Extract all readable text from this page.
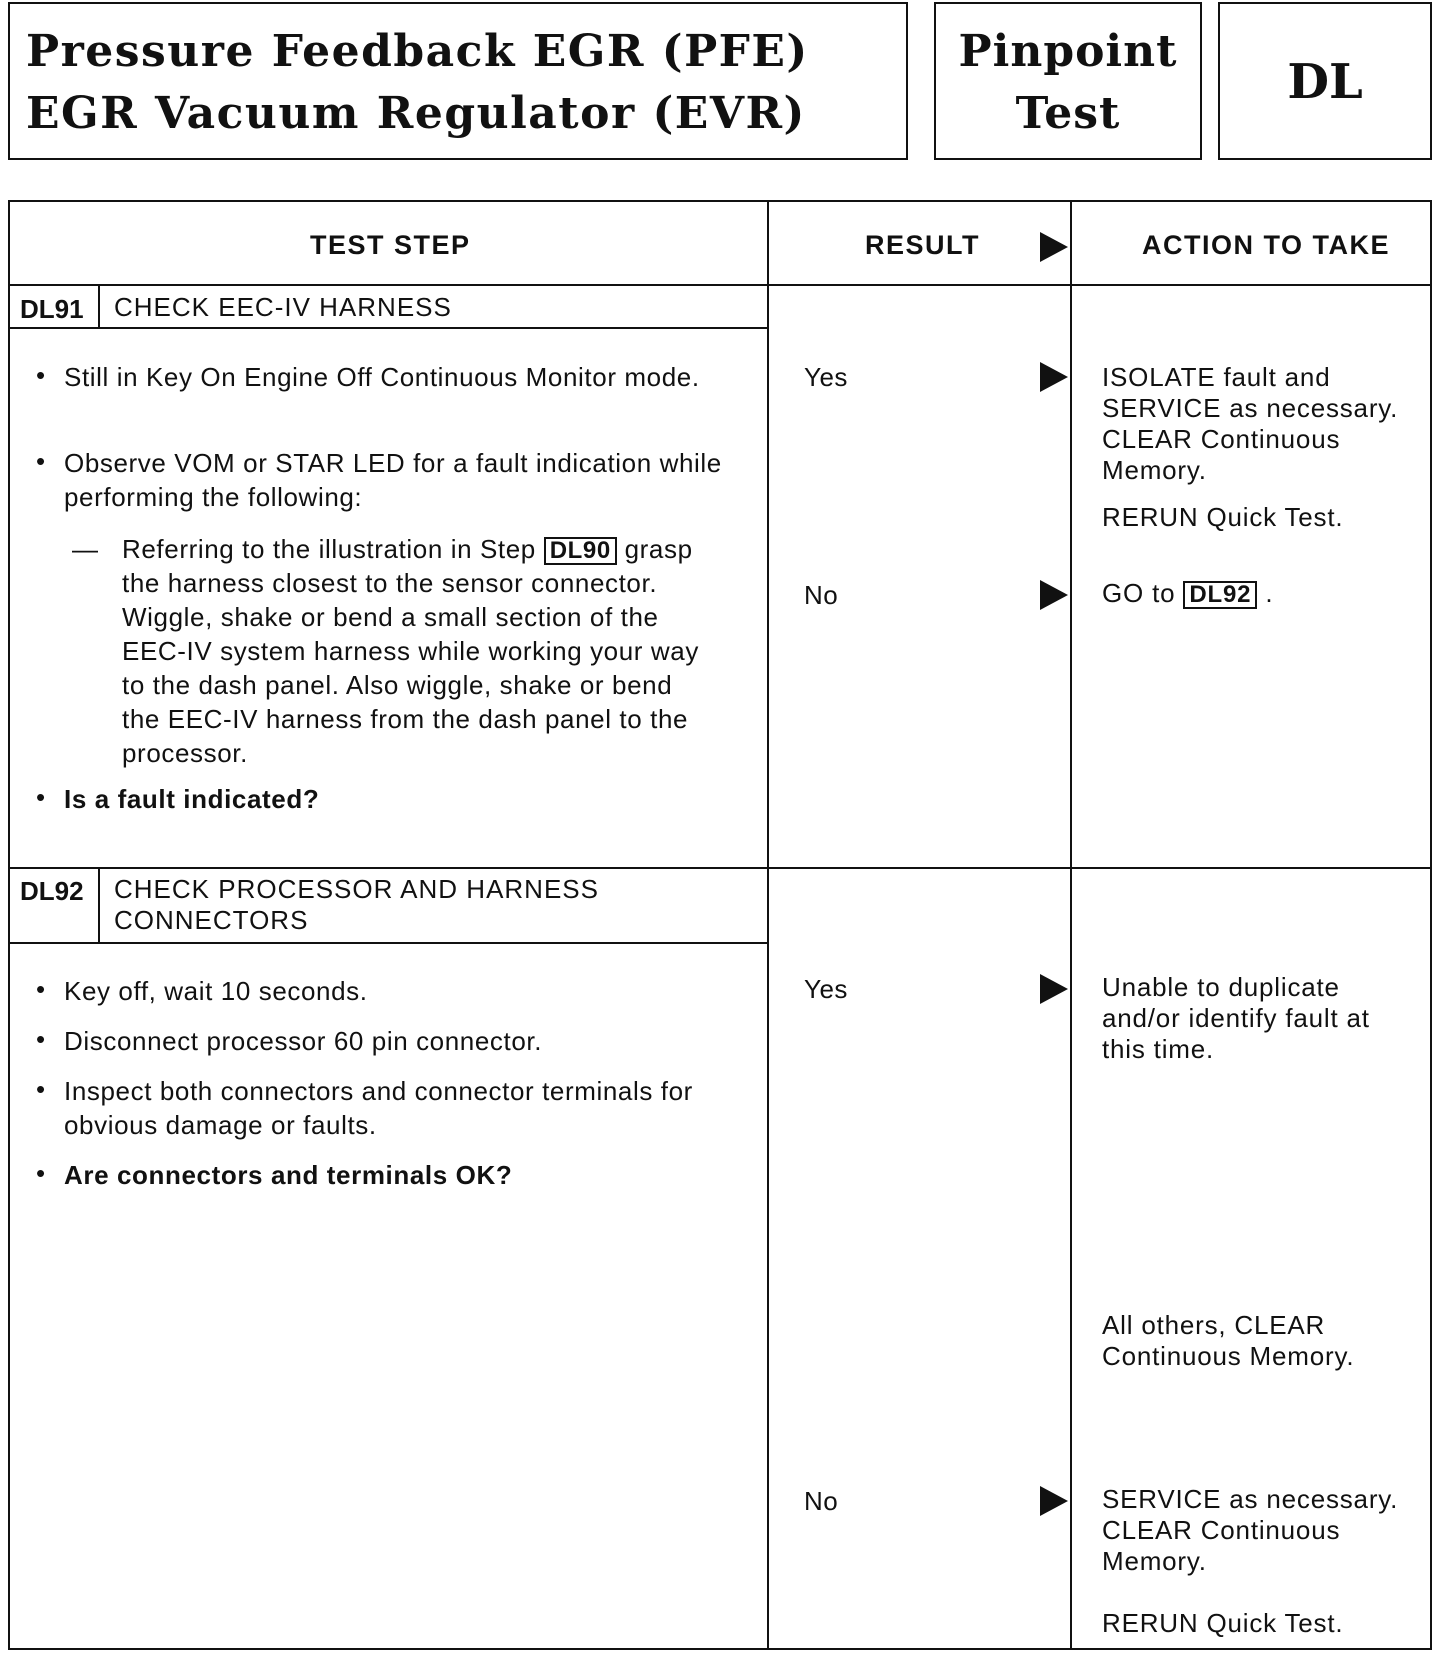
Pressure Feedback EGR (PFE)
EGR Vacuum Regulator (EVR)
Pinpoint
Test
DL
TEST STEP	RESULT	ACTION TO TAKE
DL91 CHECK EEC-IV HARNESS
• Still in Key On Engine Off Continuous Monitor mode.
• Observe VOM or STAR LED for a fault indication while performing the following:
— Referring to the illustration in Step DL90 grasp the harness closest to the sensor connector. Wiggle, shake or bend a small section of the EEC-IV system harness while working your way to the dash panel. Also wiggle, shake or bend the EEC-IV harness from the dash panel to the processor.
• Is a fault indicated?
Yes	ISOLATE fault and SERVICE as necessary. CLEAR Continuous Memory.
RERUN Quick Test.
No	GO to DL92 .
DL92 CHECK PROCESSOR AND HARNESS CONNECTORS
• Key off, wait 10 seconds.
• Disconnect processor 60 pin connector.
• Inspect both connectors and connector terminals for obvious damage or faults.
• Are connectors and terminals OK?
Yes	Unable to duplicate and/or identify fault at this time.
All others, CLEAR Continuous Memory.
No	SERVICE as necessary. CLEAR Continuous Memory.
RERUN Quick Test.
